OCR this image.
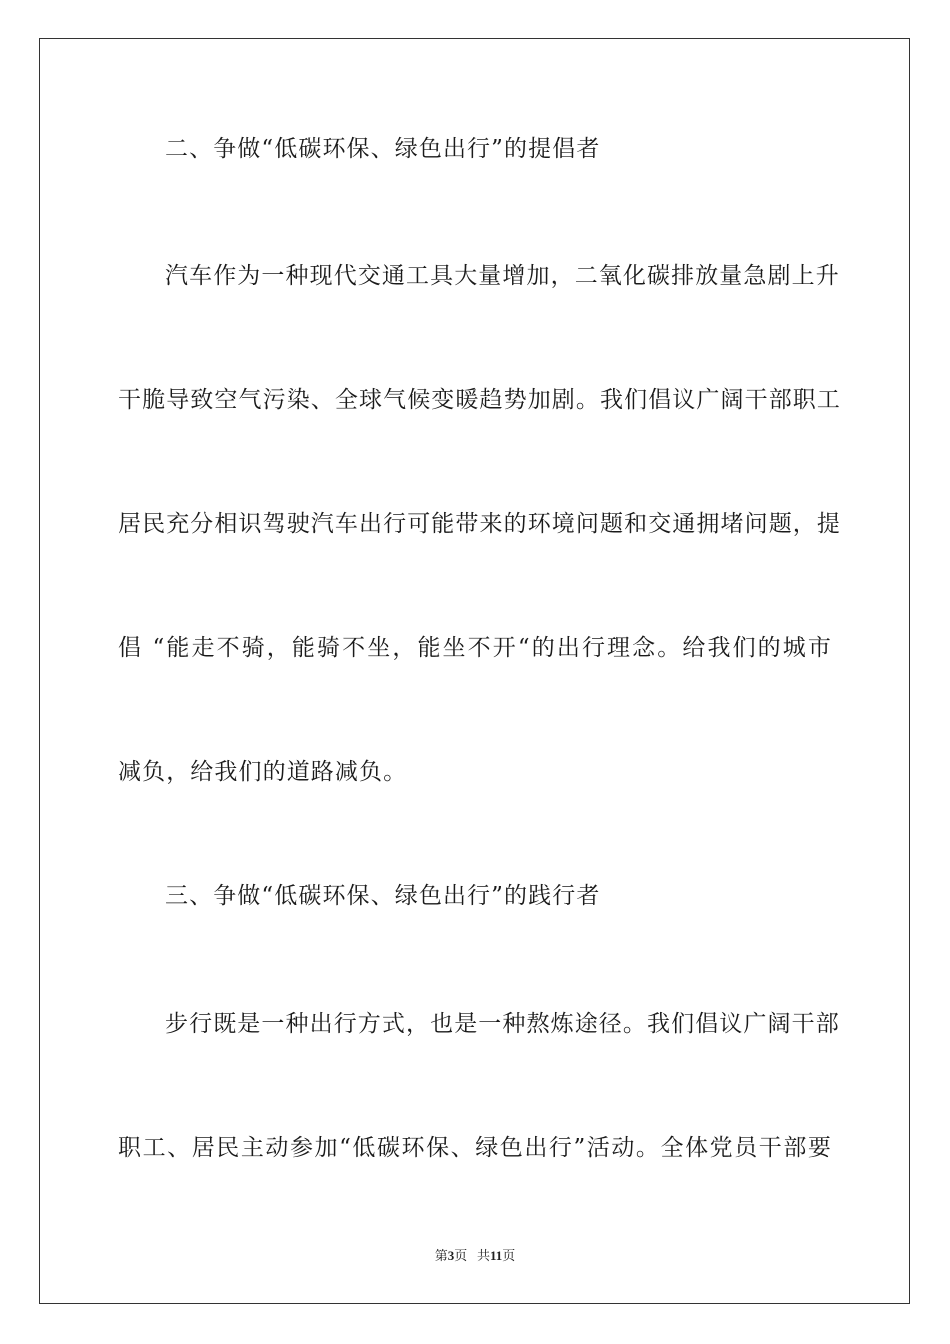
二、争做“低碳环保、绿色出行”的提倡者
汽车作为一种现代交通工具大量增加，二氧化碳排放量急剧上升
干脆导致空气污染、全球气候变暖趋势加剧。我们倡议广阔干部职工
居民充分相识驾驶汽车出行可能带来的环境问题和交通拥堵问题，提
倡 “能走不骑，能骑不坐，能坐不开“的出行理念。给我们的城市
减负，给我们的道路减负。
三、争做“低碳环保、绿色出行”的践行者
步行既是一种出行方式，也是一种熬炼途径。我们倡议广阔干部
职工、居民主动参加“低碳环保、绿色出行”活动。全体党员干部要
第3页 共11页
